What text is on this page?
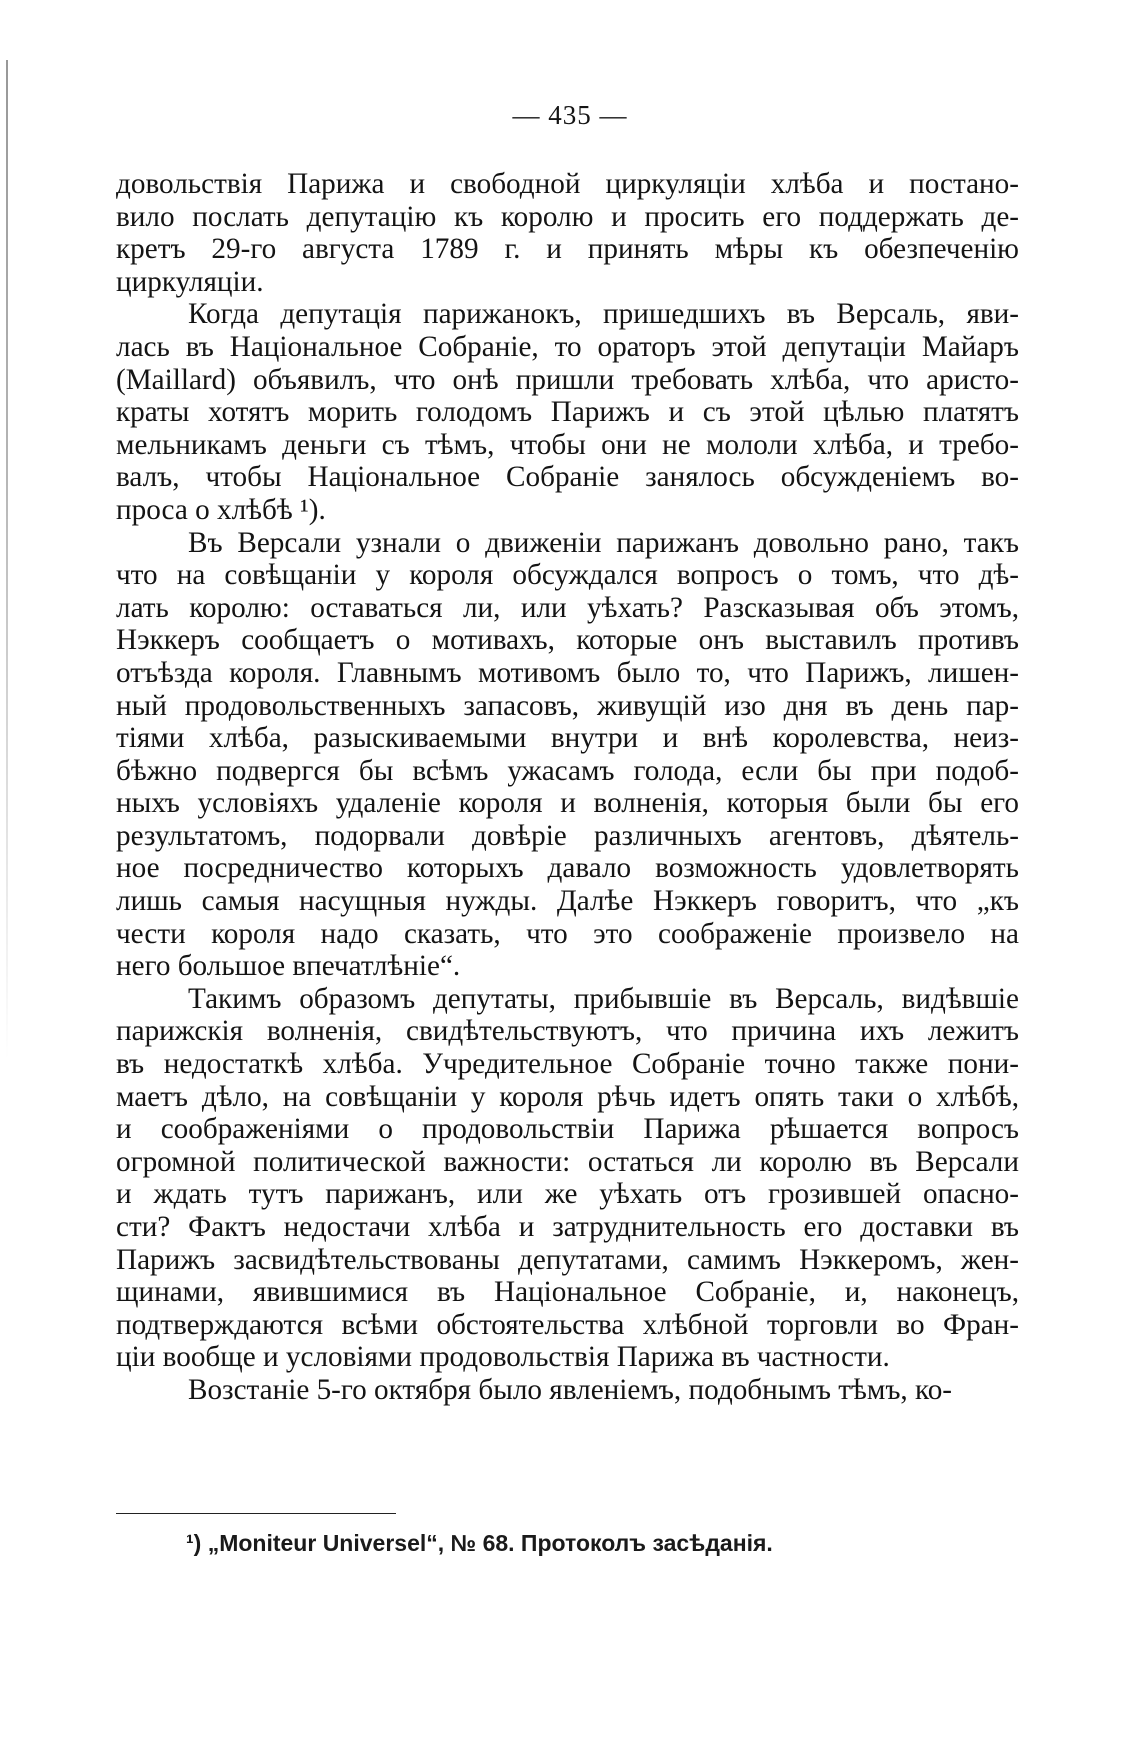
— 435 —
довольствія Парижа и свободной циркуляціи хлѣба и постано-
вило послать депутацію къ королю и просить его поддержать де-
кретъ 29-го августа 1789 г. и принять мѣры къ обезпеченію
циркуляціи.
Когда депутація парижанокъ, пришедшихъ въ Версаль, яви-
лась въ Національное Собраніе, то ораторъ этой депутаціи Майаръ
(Maillard) объявилъ, что онѣ пришли требовать хлѣба, что аристо-
краты хотятъ морить голодомъ Парижъ и съ этой цѣлью платятъ
мельникамъ деньги съ тѣмъ, чтобы они не мололи хлѣба, и требо-
валъ, чтобы Національное Собраніе занялось обсужденіемъ во-
проса о хлѣбѣ ¹).
Въ Версали узнали о движеніи парижанъ довольно рано, такъ
что на совѣщаніи у короля обсуждался вопросъ о томъ, что дѣ-
лать королю: оставаться ли, или уѣхать? Разсказывая объ этомъ,
Нэккеръ сообщаетъ о мотивахъ, которые онъ выставилъ противъ
отъѣзда короля. Главнымъ мотивомъ было то, что Парижъ, лишен-
ный продовольственныхъ запасовъ, живущій изо дня въ день пар-
тіями хлѣба, разыскиваемыми внутри и внѣ королевства, неиз-
бѣжно подвергся бы всѣмъ ужасамъ голода, если бы при подоб-
ныхъ условіяхъ удаленіе короля и волненія, которыя были бы его
результатомъ, подорвали довѣріе различныхъ агентовъ, дѣятель-
ное посредничество которыхъ давало возможность удовлетворять
лишь самыя насущныя нужды. Далѣе Нэккеръ говоритъ, что „къ
чести короля надо сказать, что это соображеніе произвело на
него большое впечатлѣніе“.
Такимъ образомъ депутаты, прибывшіе въ Версаль, видѣвшіе
парижскія волненія, свидѣтельствуютъ, что причина ихъ лежитъ
въ недостаткѣ хлѣба. Учредительное Собраніе точно также пони-
маетъ дѣло, на совѣщаніи у короля рѣчь идетъ опять таки о хлѣбѣ,
и соображеніями о продовольствіи Парижа рѣшается вопросъ
огромной политической важности: остаться ли королю въ Версали
и ждать тутъ парижанъ, или же уѣхать отъ грозившей опасно-
сти? Фактъ недостачи хлѣба и затруднительность его доставки въ
Парижъ засвидѣтельствованы депутатами, самимъ Нэккеромъ, жен-
щинами, явившимися въ Національное Собраніе, и, наконецъ,
подтверждаются всѣми обстоятельства хлѣбной торговли во Фран-
ціи вообще и условіями продовольствія Парижа въ частности.
Возстаніе 5-го октября было явленіемъ, подобнымъ тѣмъ, ко-
¹) „Moniteur Universel“, № 68. Протоколъ засѣданія.
